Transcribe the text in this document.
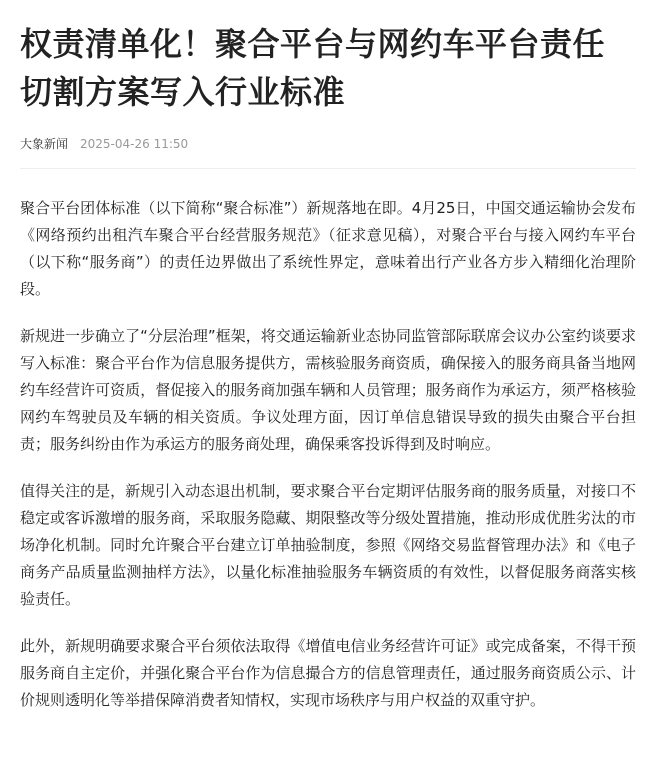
权责清单化！聚合平台与网约车平台责任切割方案写入行业标准
大象新闻 2025-04-26 11:50

聚合平台团体标准（以下简称“聚合标准”）新规落地在即。4月25日，中国交通运输协会发布《网络预约出租汽车聚合平台经营服务规范》（征求意见稿），对聚合平台与接入网约车平台（以下称“服务商”）的责任边界做出了系统性界定，意味着出行产业各方步入精细化治理阶段。

新规进一步确立了“分层治理”框架，将交通运输新业态协同监管部际联席会议办公室约谈要求写入标准：聚合平台作为信息服务提供方，需核验服务商资质，确保接入的服务商具备当地网约车经营许可资质，督促接入的服务商加强车辆和人员管理；服务商作为承运方，须严格核验网约车驾驶员及车辆的相关资质。争议处理方面，因订单信息错误导致的损失由聚合平台担责；服务纠纷由作为承运方的服务商处理，确保乘客投诉得到及时响应。

值得关注的是，新规引入动态退出机制，要求聚合平台定期评估服务商的服务质量，对接口不稳定或客诉激增的服务商，采取服务隐藏、期限整改等分级处置措施，推动形成优胜劣汰的市场净化机制。同时允许聚合平台建立订单抽验制度，参照《网络交易监督管理办法》和《电子商务产品质量监测抽样方法》，以量化标准抽验服务车辆资质的有效性，以督促服务商落实核验责任。

此外，新规明确要求聚合平台须依法取得《增值电信业务经营许可证》或完成备案，不得干预服务商自主定价，并强化聚合平台作为信息撮合方的信息管理责任，通过服务商资质公示、计价规则透明化等举措保障消费者知情权，实现市场秩序与用户权益的双重守护。
